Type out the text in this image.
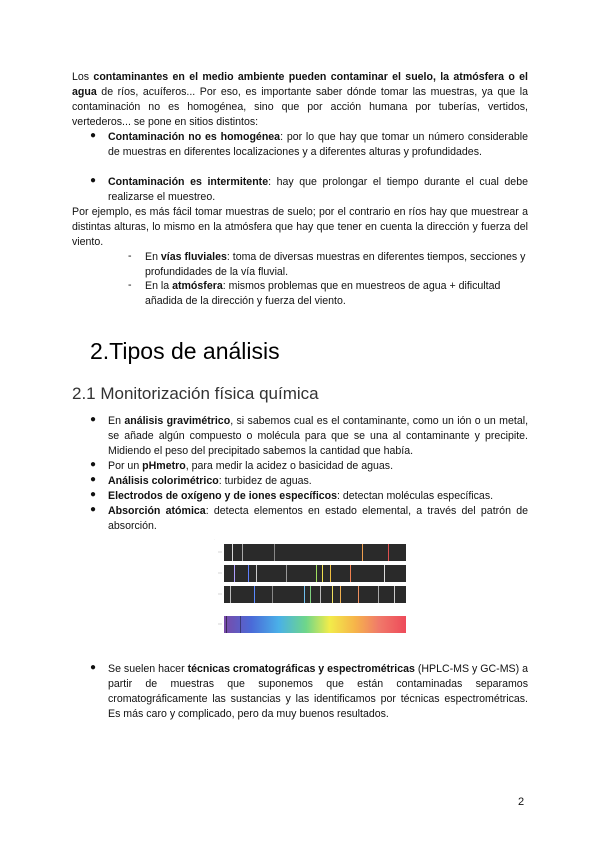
Los contaminantes en el medio ambiente pueden contaminar el suelo, la atmósfera o el agua de ríos, acuíferos... Por eso, es importante saber dónde tomar las muestras, ya que la contaminación no es homogénea, sino que por acción humana por tuberías, vertidos, vertederos... se pone en sitios distintos:

● Contaminación no es homogénea: por lo que hay que tomar un número considerable de muestras en diferentes localizaciones y a diferentes alturas y profundidades.

● Contaminación es intermitente: hay que prolongar el tiempo durante el cual debe realizarse el muestreo.

Por ejemplo, es más fácil tomar muestras de suelo; por el contrario en ríos hay que muestrear a distintas alturas, lo mismo en la atmósfera que hay que tener en cuenta la dirección y fuerza del viento.

- En vías fluviales: toma de diversas muestras en diferentes tiempos, secciones y profundidades de la vía fluvial.

- En la atmósfera: mismos problemas que en muestreos de agua + dificultad añadida de la dirección y fuerza del viento.

2.Tipos de análisis
2.1 Monitorización física química
● En análisis gravimétrico, si sabemos cual es el contaminante, como un ión o un metal, se añade algún compuesto o molécula para que se una al contaminante y precipite. Midiendo el peso del precipitado sabemos la cantidad que había.

● Por un pHmetro, para medir la acidez o basicidad de aguas.

● Análisis colorimétrico: turbidez de aguas.

● Electrodos de oxígeno y de iones específicos: detectan moléculas específicas.

● Absorción atómica: detecta elementos en estado elemental, a través del patrón de absorción.

·
● Se suelen hacer técnicas cromatográficas y espectrométricas (HPLC-MS y GC-MS) a partir de muestras que suponemos que están contaminadas separamos cromatográficamente las sustancias y las identificamos por técnicas espectrométricas. Es más caro y complicado, pero da muy buenos resultados.

2
